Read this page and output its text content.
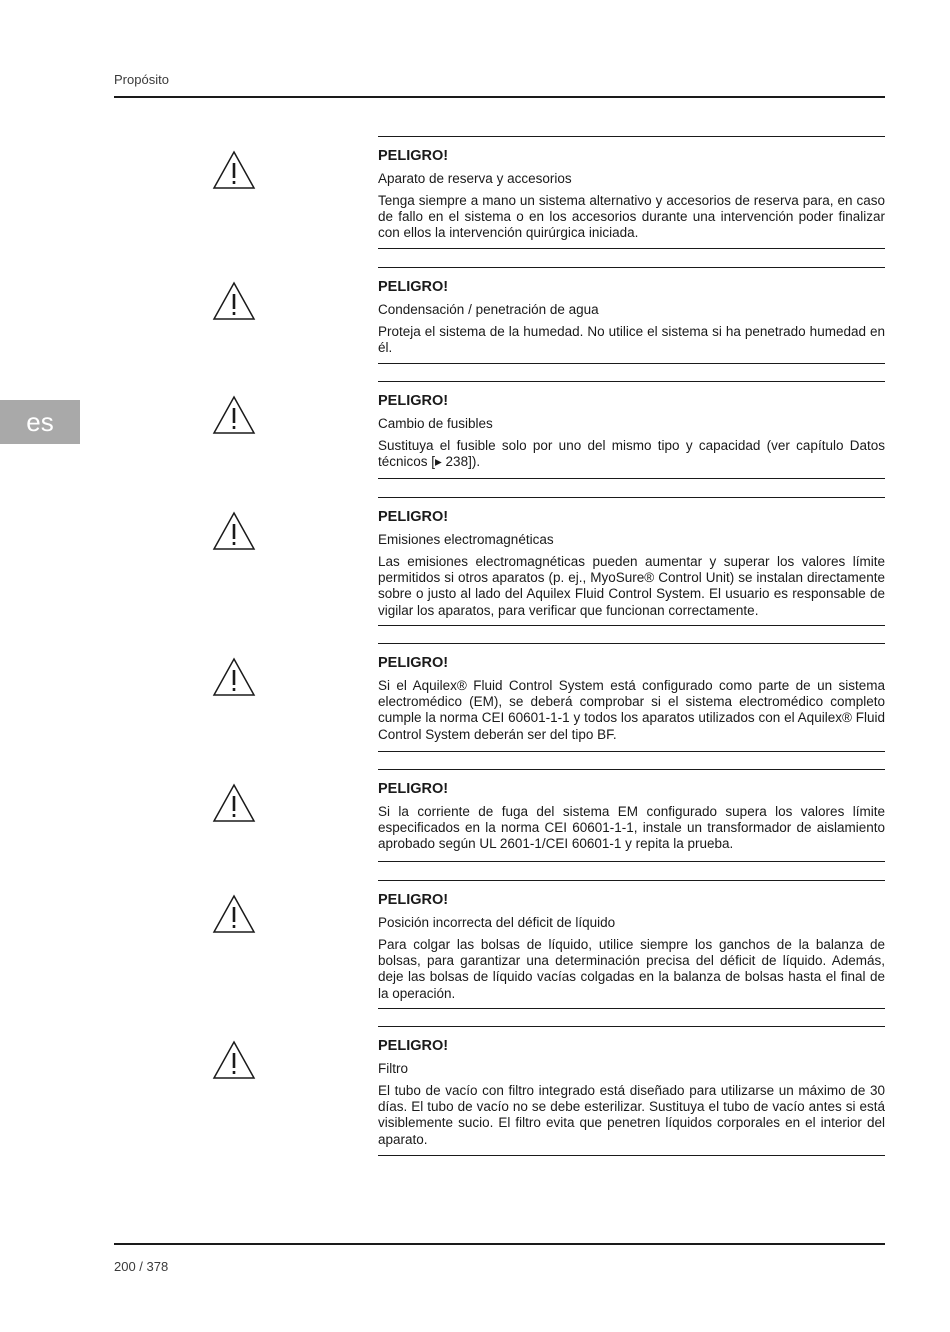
Propósito
es

PELIGRO!

Aparato de reserva y accesorios

Tenga siempre a mano un sistema alternativo y accesorios de reserva para, en caso de fallo en el sistema o en los accesorios durante una intervención poder finalizar con ellos la intervención quirúrgica iniciada.

PELIGRO!

Condensación / penetración de agua

Proteja el sistema de la humedad. No utilice el sistema si ha penetrado humedad en él.

PELIGRO!

Cambio de fusibles

Sustituya el fusible solo por uno del mismo tipo y capacidad (ver capítulo Datos técnicos [▸ 238]).

PELIGRO!

Emisiones electromagnéticas

Las emisiones electromagnéticas pueden aumentar y superar los valores límite permitidos si otros aparatos (p. ej., MyoSure® Control Unit) se instalan directamente sobre o justo al lado del Aquilex Fluid Control System. El usuario es responsable de vigilar los aparatos, para verificar que funcionan correctamente.

PELIGRO!

Si el Aquilex® Fluid Control System está configurado como parte de un sistema electromédico (EM), se deberá comprobar si el sistema electromédico completo cumple la norma CEI 60601-1-1 y todos los aparatos utilizados con el Aquilex® Fluid Control System deberán ser del tipo BF.

PELIGRO!

Si la corriente de fuga del sistema EM configurado supera los valores límite especificados en la norma CEI 60601-1-1, instale un transformador de aislamiento aprobado según UL 2601-1/CEI 60601-1 y repita la prueba.

PELIGRO!

Posición incorrecta del déficit de líquido

Para colgar las bolsas de líquido, utilice siempre los ganchos de la balanza de bolsas, para garantizar una determinación precisa del déficit de líquido. Además, deje las bolsas de líquido vacías colgadas en la balanza de bolsas hasta el final de la operación.

PELIGRO!

Filtro

El tubo de vacío con filtro integrado está diseñado para utilizarse un máximo de 30 días. El tubo de vacío no se debe esterilizar. Sustituya el tubo de vacío antes si está visiblemente sucio. El filtro evita que penetren líquidos corporales en el interior del aparato.

200 / 378
